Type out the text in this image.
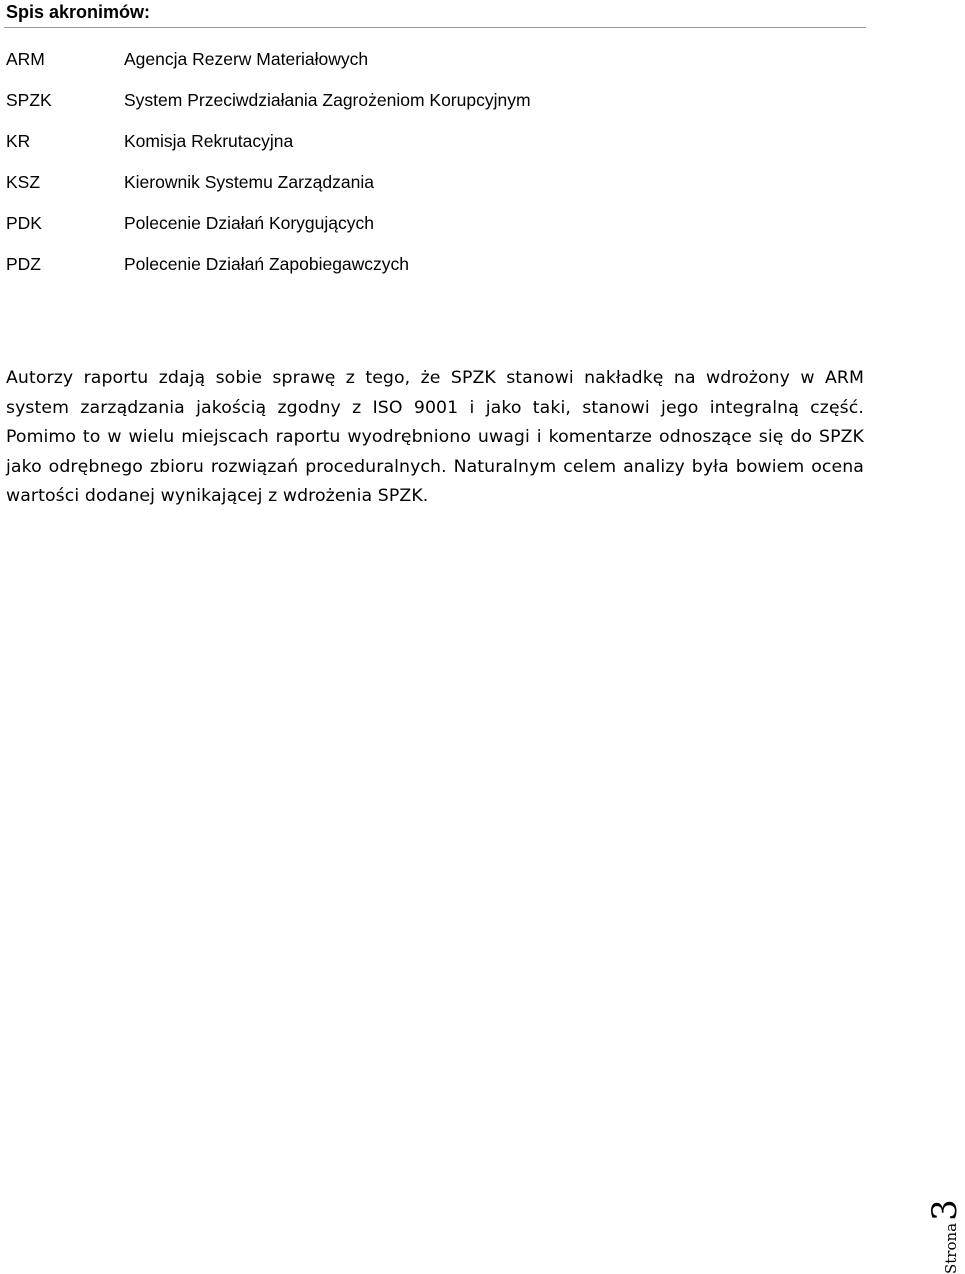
Spis akronimów:
ARM	Agencja Rezerw Materiałowych
SPZK	System Przeciwdziałania Zagrożeniom Korupcyjnym
KR	Komisja Rekrutacyjna
KSZ	Kierownik Systemu Zarządzania
PDK	Polecenie Działań Korygujących
PDZ	Polecenie Działań Zapobiegawczych

Autorzy raportu zdają sobie sprawę z tego, że SPZK stanowi nakładkę na wdrożony w ARM system zarządzania jakością zgodny z ISO 9001 i jako taki, stanowi jego integralną część. Pomimo to w wielu miejscach raportu wyodrębniono uwagi i komentarze odnoszące się do SPZK jako odrębnego zbioru rozwiązań proceduralnych. Naturalnym celem analizy była bowiem ocena wartości dodanej wynikającej z wdrożenia SPZK.

Strona
3
